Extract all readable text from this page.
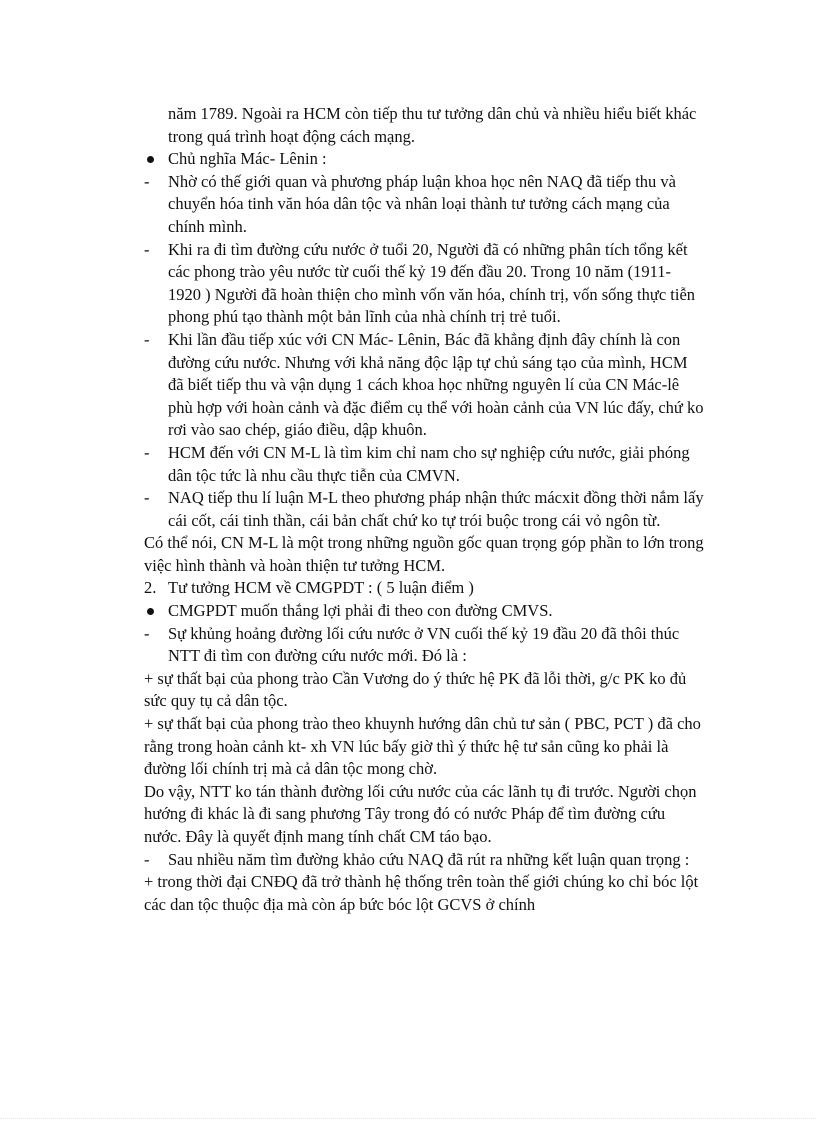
năm 1789. Ngoài ra HCM còn tiếp thu tư tưởng dân chủ và nhiều hiểu biết khác trong quá trình hoạt động cách mạng.
Chủ nghĩa Mác- Lênin :
-	Nhờ có thế giới quan và phương pháp luận khoa học nên NAQ đã tiếp thu và chuyển hóa tinh văn hóa dân tộc và nhân loại thành tư tưởng cách mạng của chính mình.
-	Khi ra đi tìm đường cứu nước ở tuổi 20, Người đã có những phân tích tổng kết các phong trào yêu nước từ cuối thế kỷ 19 đến đầu 20. Trong 10 năm (1911- 1920 ) Người đã hoàn thiện cho mình vốn văn hóa, chính trị, vốn sống thực tiễn phong phú tạo thành một bản lĩnh của nhà chính trị trẻ tuổi.
-	Khi lần đầu tiếp xúc với CN Mác- Lênin, Bác đã khẳng định đây chính là con đường cứu nước. Nhưng với khả năng độc lập tự chủ sáng tạo của mình, HCM đã biết tiếp thu và vận dụng 1 cách khoa học những nguyên lí của CN Mác-lê phù hợp với hoàn cảnh và đặc điểm cụ thể với hoàn cảnh của VN lúc đấy, chứ ko rơi vào sao chép, giáo điều, dập khuôn.
-	HCM đến với CN M-L là tìm kim chỉ nam cho sự nghiệp cứu nước, giải phóng dân tộc tức là nhu cầu thực tiễn của CMVN.
-	NAQ tiếp thu lí luận M-L theo phương pháp nhận thức mácxit đồng thời nắm lấy cái cốt, cái tinh thần, cái bản chất chứ ko tự trói buộc trong cái vỏ ngôn từ.
Có thể nói, CN M-L là một trong những nguồn gốc quan trọng góp phần to lớn trong việc hình thành và hoàn thiện tư tưởng HCM.
2. Tư tưởng HCM về CMGPDT : ( 5 luận điểm )
CMGPDT muốn thắng lợi phải đi theo con đường CMVS.
-	Sự khủng hoảng đường lối cứu nước ở VN cuối thế kỷ 19 đầu 20 đã thôi thúc NTT đi tìm con đường cứu nước mới. Đó là :
+ sự thất bại của phong trào Cần Vương do ý thức hệ PK đã lỗi thời, g/c PK ko đủ sức quy tụ cả dân tộc.
+ sự thất bại của phong trào theo khuynh hướng dân chủ tư sản ( PBC, PCT ) đã cho rằng trong hoàn cảnh kt- xh VN lúc bấy giờ thì ý thức hệ tư sản cũng ko phải là đường lối chính trị mà cả dân tộc mong chờ.
Do vậy, NTT ko tán thành đường lối cứu nước của các lãnh tụ đi trước. Người chọn hướng đi khác là đi sang phương Tây trong đó có nước Pháp để tìm đường cứu nước. Đây là quyết định mang tính chất CM táo bạo.
-	Sau nhiều năm tìm đường khảo cứu NAQ đã rút ra những kết luận quan trọng :
+ trong thời đại CNĐQ đã trở thành hệ thống trên toàn thế giới chúng ko chỉ bóc lột các dan tộc thuộc địa mà còn áp bức bóc lột GCVS ở chính
